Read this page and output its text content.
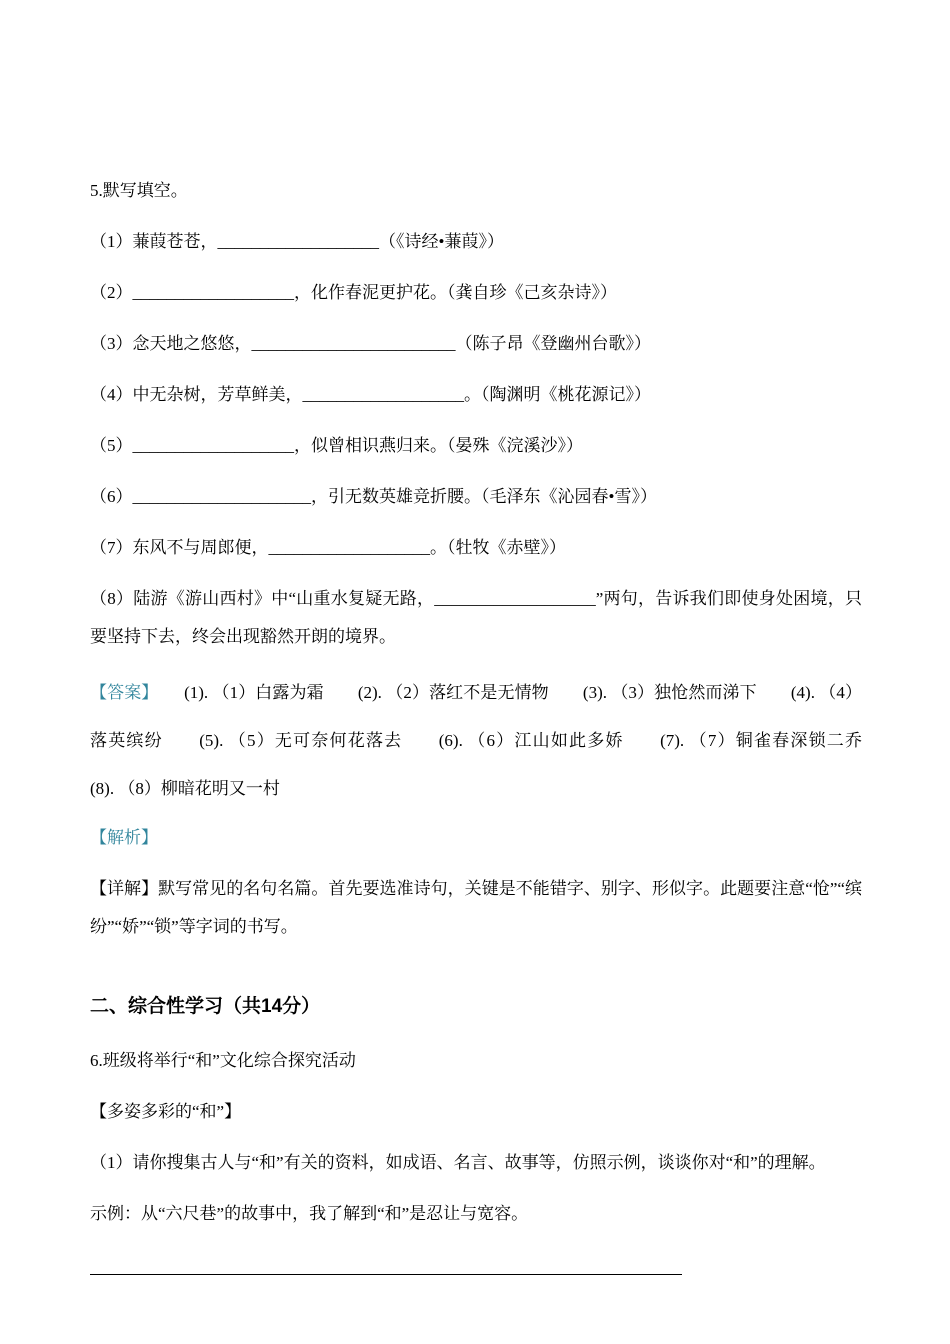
5.默写填空。

（1）蒹葭苍苍，___________________（《诗经•蒹葭》）

（2）___________________，化作春泥更护花。（龚自珍《己亥杂诗》）

（3）念天地之悠悠，________________________（陈子昂《登幽州台歌》）

（4）中无杂树，芳草鲜美，___________________。（陶渊明《桃花源记》）

（5）___________________，似曾相识燕归来。（晏殊《浣溪沙》）

（6）_____________________，引无数英雄竞折腰。（毛泽东《沁园春•雪》）

（7）东风不与周郎便，___________________。（牡牧《赤壁》）

（8）陆游《游山西村》中“山重水复疑无路，___________________”两句，告诉我们即使身处困境，只要坚持下去，终会出现豁然开朗的境界。

【答案】　　(1). （1）白露为霜　　(2). （2）落红不是无情物　　(3). （3）独怆然而涕下　　(4). （4）落英缤纷　　(5). （5）无可奈何花落去　　(6). （6）江山如此多娇　　(7). （7）铜雀春深锁二乔　　(8). （8）柳暗花明又一村

【解析】

【详解】默写常见的名句名篇。首先要选准诗句，关键是不能错字、别字、形似字。此题要注意“怆”“缤纷”“娇”“锁”等字词的书写。

二、综合性学习（共14分）

6.班级将举行“和”文化综合探究活动

【多姿多彩的“和”】

（1）请你搜集古人与“和”有关的资料，如成语、名言、故事等，仿照示例，谈谈你对“和”的理解。

示例：从“六尺巷”的故事中，我了解到“和”是忍让与宽容。
